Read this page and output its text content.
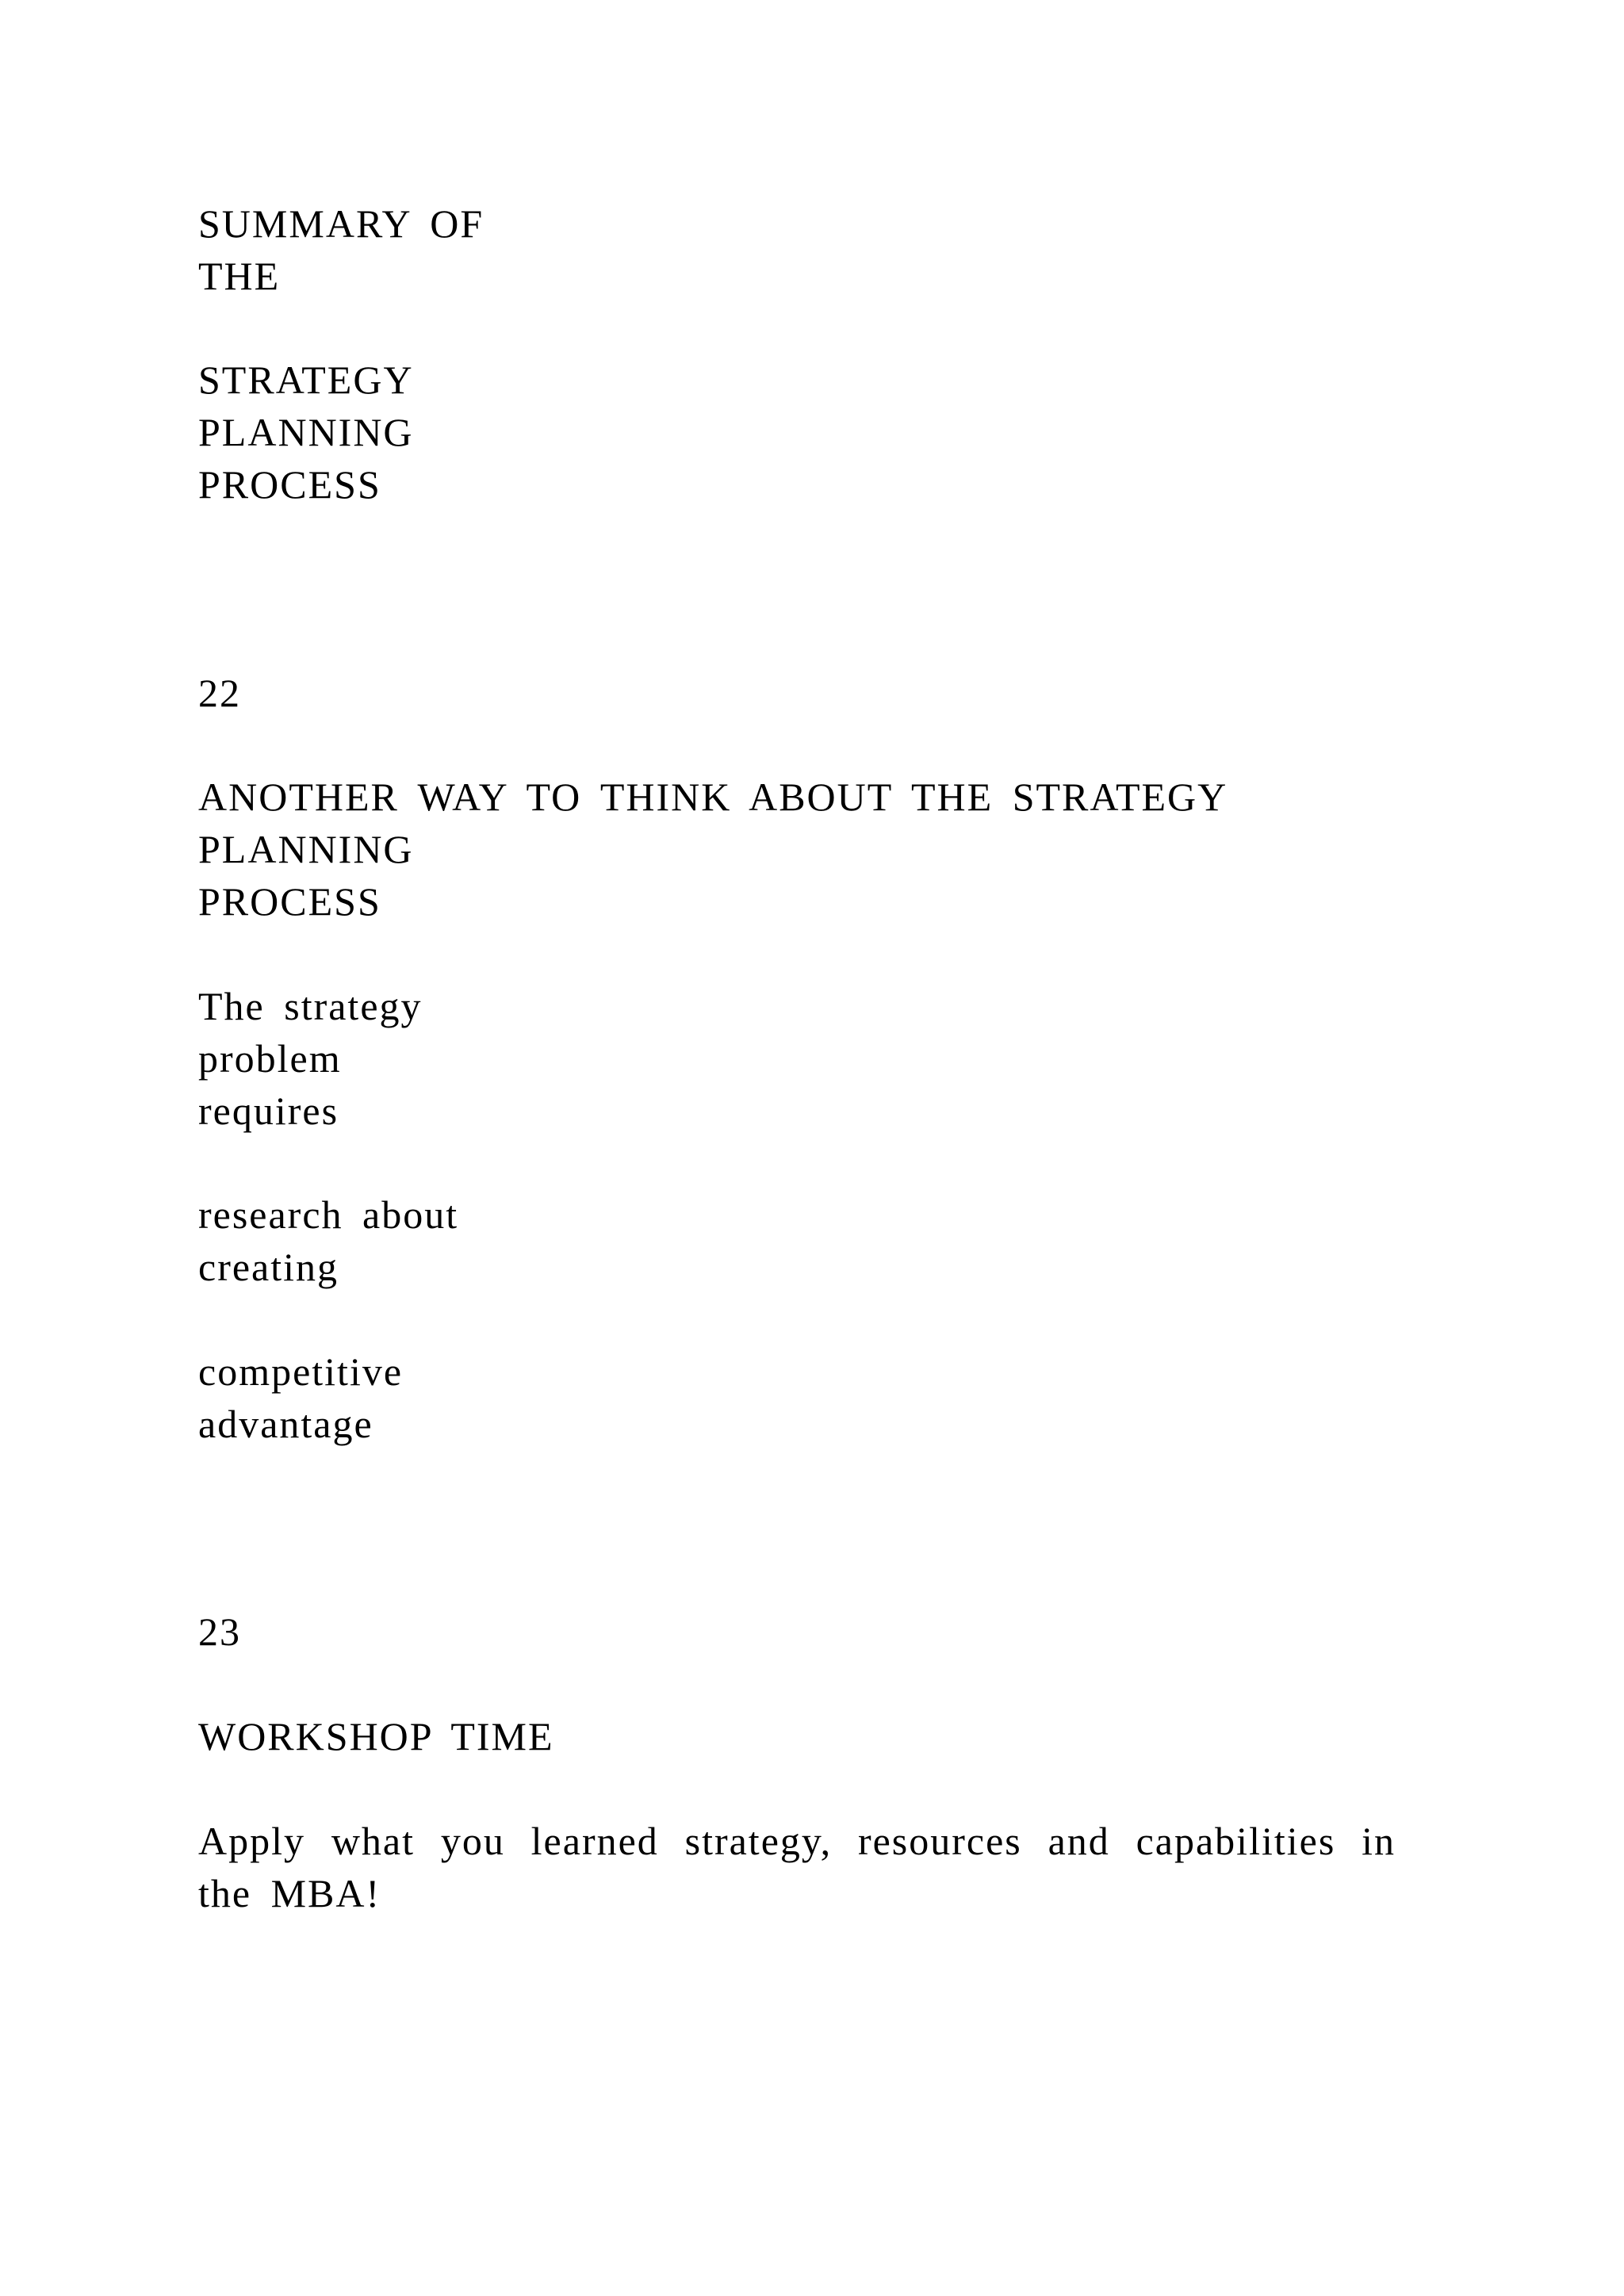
SUMMARY OF
THE
STRATEGY
PLANNING
PROCESS
22
ANOTHER WAY TO THINK ABOUT THE STRATEGY
PLANNING
PROCESS

The strategy

problem

requires

research about

creating

competitive

advantage

23
WORKSHOP TIME

Apply what you learned strategy, resources and capabilities in

the MBA!
